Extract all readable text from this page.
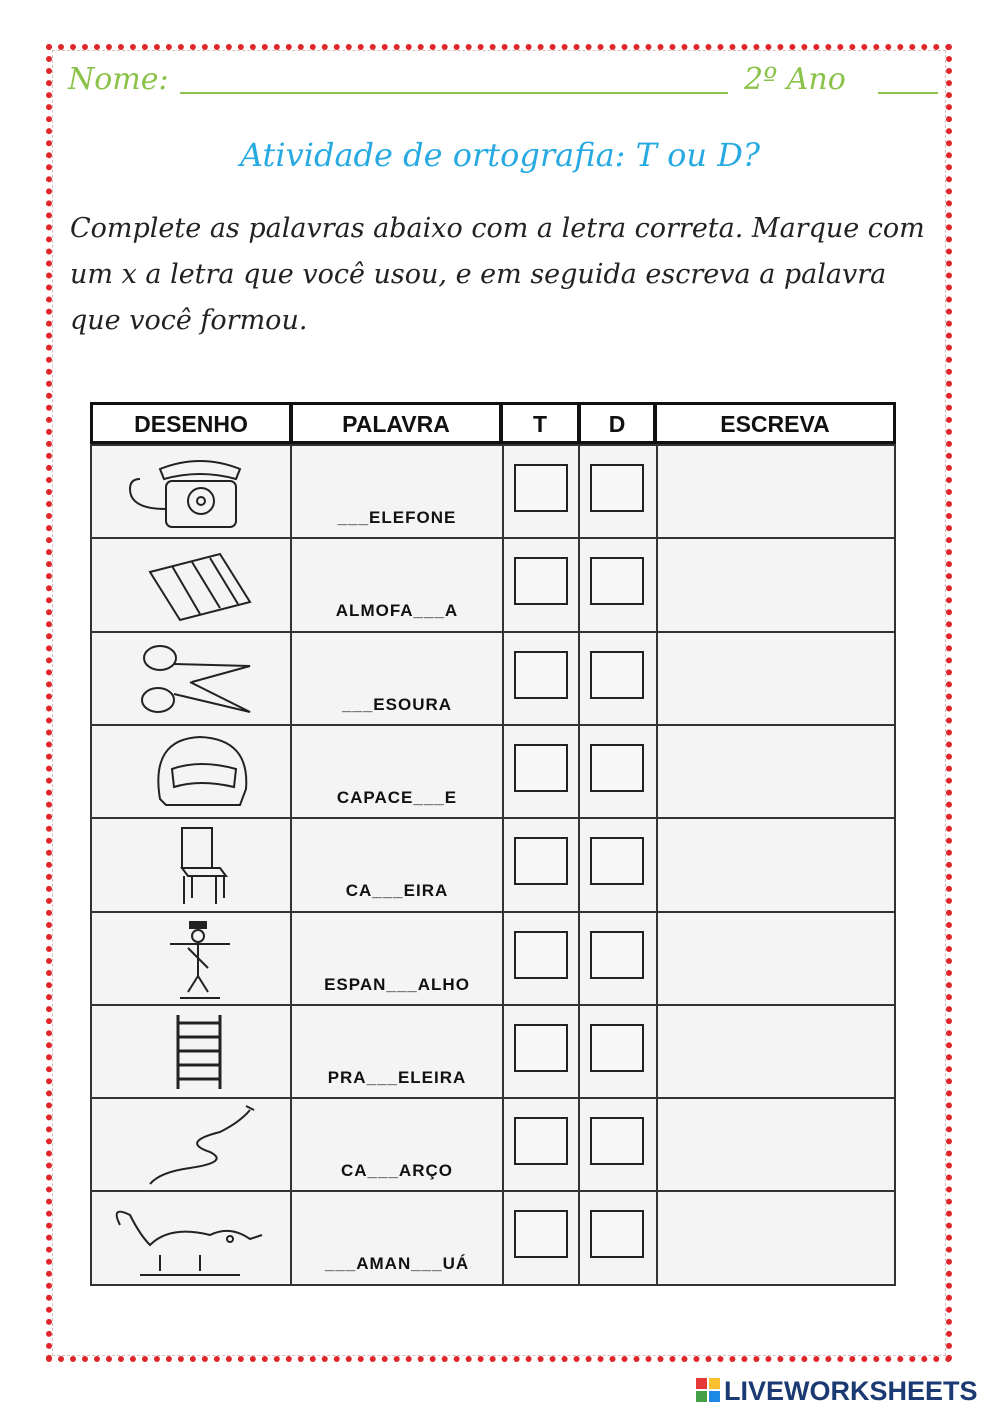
Nome:	2º Ano
Atividade de ortografia: T ou D?
Complete as palavras abaixo com a letra correta. Marque com um x a letra que você usou, e em seguida escreva a palavra que você formou.
DESENHO	PALAVRA	T	D	ESCREVA
___ELEFONE
ALMOFA___A
___ESOURA
CAPACE___E
CA___EIRA
ESPAN___ALHO
PRA___ELEIRA
CA___ARÇO
___AMAN___UÁ
LIVEWORKSHEETS
